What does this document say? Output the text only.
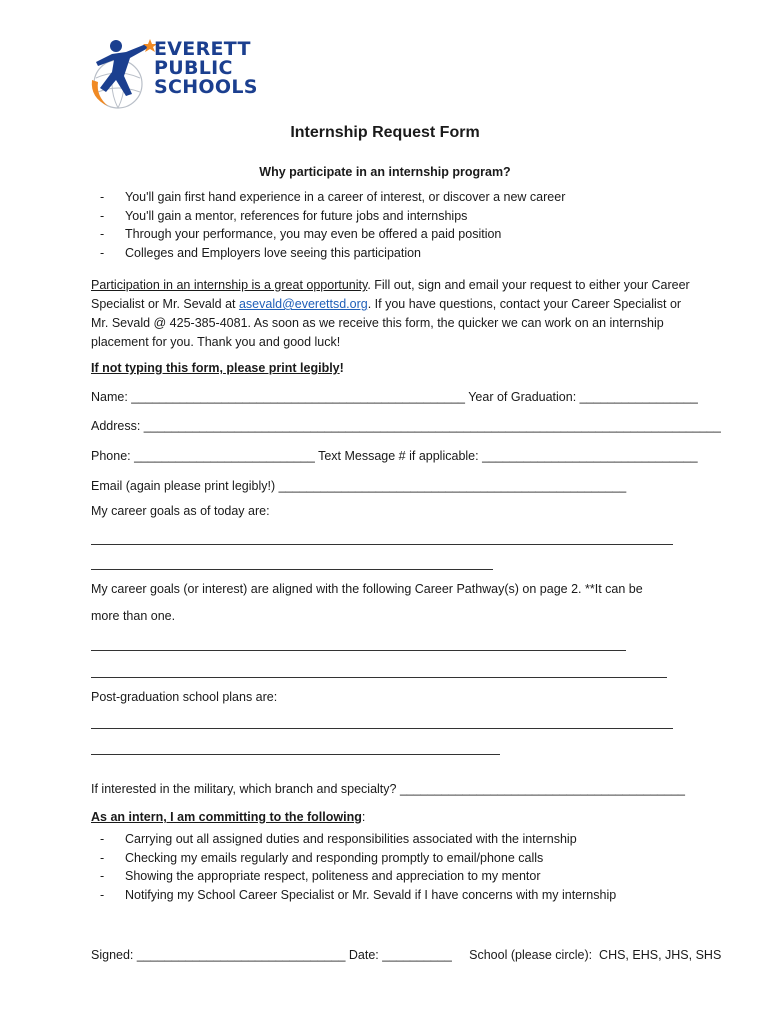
EVERETT
PUBLIC
SCHOOLS
Internship Request Form
Why participate in an internship program?
- You'll gain first hand experience in a career of interest, or discover a new career
- You'll gain a mentor, references for future jobs and internships
- Through your performance, you may even be offered a paid position
- Colleges and Employers love seeing this participation
Participation in an internship is a great opportunity. Fill out, sign and email your request to either your Career Specialist or Mr. Sevald at asevald@everettsd.org. If you have questions, contact your Career Specialist or Mr. Sevald @ 425-385-4081. As soon as we receive this form, the quicker we can work on an internship placement for you. Thank you and good luck!
If not typing this form, please print legibly!
Name: ________________________________________________ Year of Graduation: _________________
Address: ___________________________________________________________________________________
Phone: __________________________ Text Message # if applicable: _______________________________
Email (again please print legibly!) __________________________________________________
My career goals as of today are:
My career goals (or interest) are aligned with the following Career Pathway(s) on page 2. **It can be
more than one.
Post-graduation school plans are:
If interested in the military, which branch and specialty? _________________________________________
As an intern, I am committing to the following:
- Carrying out all assigned duties and responsibilities associated with the internship
- Checking my emails regularly and responding promptly to email/phone calls
- Showing the appropriate respect, politeness and appreciation to my mentor
- Notifying my School Career Specialist or Mr. Sevald if I have concerns with my internship
Signed: ______________________________ Date: __________     School (please circle):  CHS, EHS, JHS, SHS
